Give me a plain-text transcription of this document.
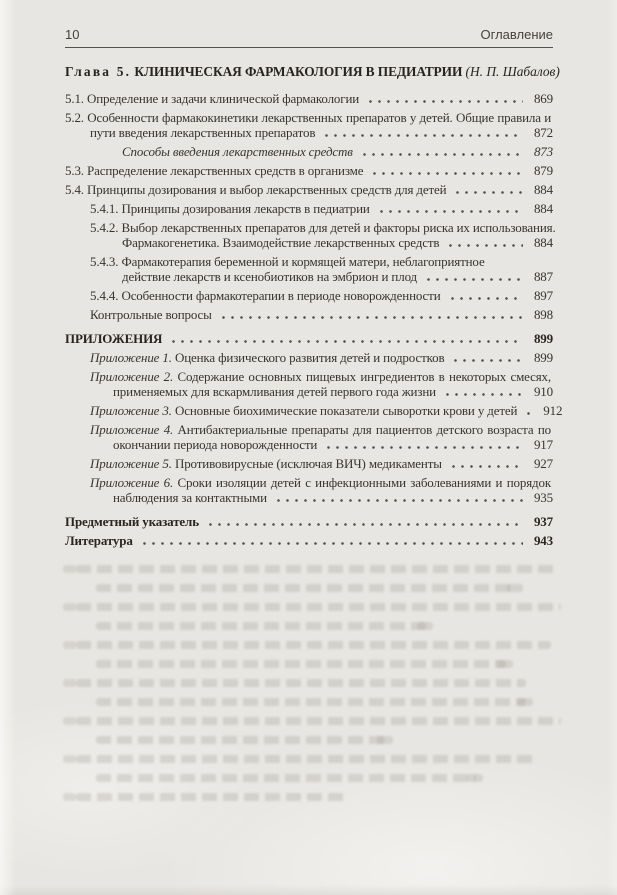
10	Оглавление
Глава 5. КЛИНИЧЕСКАЯ ФАРМАКОЛОГИЯ В ПЕДИАТРИИ (Н. П. Шабалов)
5.1. Определение и задачи клинической фармакологии	869
5.2. Особенности фармакокинетики лекарственных препаратов у детей. Общие правила и
пути введения лекарственных препаратов	872
Способы введения лекарственных средств	873
5.3. Распределение лекарственных средств в организме	879
5.4. Принципы дозирования и выбор лекарственных средств для детей	884
5.4.1. Принципы дозирования лекарств в педиатрии	884
5.4.2. Выбор лекарственных препаратов для детей и факторы риска их использования.
Фармакогенетика. Взаимодействие лекарственных средств	884
5.4.3. Фармакотерапия беременной и кормящей матери, неблагоприятное
действие лекарств и ксенобиотиков на эмбрион и плод	887
5.4.4. Особенности фармакотерапии в периоде новорожденности	897
Контрольные вопросы	898
ПРИЛОЖЕНИЯ	899
Приложение 1. Оценка физического развития детей и подростков	899
Приложение 2. Содержание основных пищевых ингредиентов в некоторых смесях,
применяемых для вскармливания детей первого года жизни	910
Приложение 3. Основные биохимические показатели сыворотки крови у детей	912
Приложение 4. Антибактериальные препараты для пациентов детского возраста по
окончании периода новорожденности	917
Приложение 5. Противовирусные (исключая ВИЧ) медикаменты	927
Приложение 6. Сроки изоляции детей с инфекционными заболеваниями и порядок
наблюдения за контактными	935
Предметный указатель	937
Литература	943
